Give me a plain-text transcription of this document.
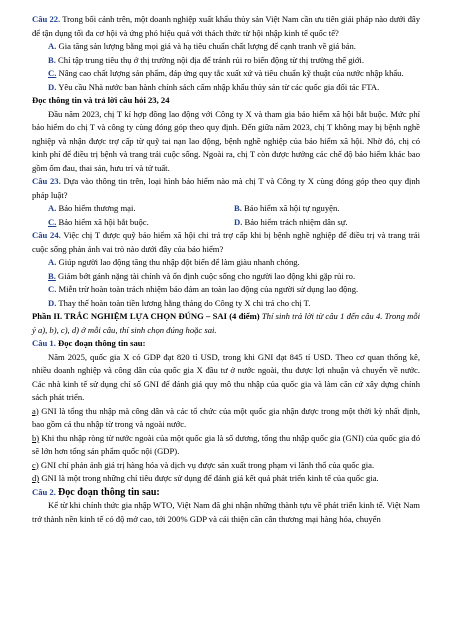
Câu 22. Trong bối cảnh trên, một doanh nghiệp xuất khẩu thủy sản Việt Nam cần ưu tiên giải pháp nào dưới đây để tận dụng tối đa cơ hội và ứng phó hiệu quả với thách thức từ hội nhập kinh tế quốc tế?

A. Gia tăng sản lượng bằng mọi giá và hạ tiêu chuẩn chất lượng để cạnh tranh về giá bán.

B. Chỉ tập trung tiêu thụ ở thị trường nội địa để tránh rủi ro biến động từ thị trường thế giới.

C. Nâng cao chất lượng sản phẩm, đáp ứng quy tắc xuất xứ và tiêu chuẩn kỹ thuật của nước nhập khẩu.

D. Yêu cầu Nhà nước ban hành chính sách cấm nhập khẩu thủy sản từ các quốc gia đối tác FTA.

Đọc thông tin và trả lời câu hỏi 23, 24

Đầu năm 2023, chị T kí hợp đồng lao động với Công ty X và tham gia bảo hiểm xã hội bắt buộc. Mức phí bảo hiểm do chị T và công ty cùng đóng góp theo quy định. Đến giữa năm 2023, chị T không may bị bệnh nghề nghiệp và nhận được trợ cấp từ quỹ tai nạn lao động, bệnh nghề nghiệp của bảo hiểm xã hội. Nhờ đó, chị có kinh phí để điều trị bệnh và trang trải cuộc sống. Ngoài ra, chị T còn được hưởng các chế độ bảo hiểm khác bao gồm ốm đau, thai sản, hưu trí và tử tuất.

Câu 23. Dựa vào thông tin trên, loại hình bảo hiểm nào mà chị T và Công ty X cùng đóng góp theo quy định pháp luật?

A. Bảo hiểm thương mại.	B. Bảo hiểm xã hội tự nguyện.
C. Bảo hiểm xã hội bắt buộc.	D. Bảo hiểm trách nhiệm dân sự.

Câu 24. Việc chị T được quỹ bảo hiểm xã hội chi trả trợ cấp khi bị bệnh nghề nghiệp để điều trị và trang trải cuộc sống phản ánh vai trò nào dưới đây của bảo hiểm?

A. Giúp người lao động tăng thu nhập đột biến để làm giàu nhanh chóng.

B. Giảm bớt gánh nặng tài chính và ổn định cuộc sống cho người lao động khi gặp rủi ro.

C. Miễn trừ hoàn toàn trách nhiệm bảo đảm an toàn lao động của người sử dụng lao động.

D. Thay thế hoàn toàn tiền lương hằng tháng do Công ty X chi trả cho chị T.

Phần II. TRẮC NGHIỆM LỰA CHỌN ĐÚNG – SAI (4 điểm) Thí sinh trả lời từ câu 1 đến câu 4. Trong mỗi ý a), b), c), d) ở mỗi câu, thí sinh chọn đúng hoặc sai.

Câu 1. Đọc đoạn thông tin sau:

Năm 2025, quốc gia X có GDP đạt 820 tỉ USD, trong khi GNI đạt 845 tỉ USD. Theo cơ quan thống kê, nhiều doanh nghiệp và công dân của quốc gia X đầu tư ở nước ngoài, thu được lợi nhuận và chuyển về nước. Các nhà kinh tế sử dụng chỉ số GNI để đánh giá quy mô thu nhập của quốc gia và làm căn cứ xây dựng chính sách phát triển.

a) GNI là tổng thu nhập mà công dân và các tổ chức của một quốc gia nhận được trong một thời kỳ nhất định, bao gồm cả thu nhập từ trong và ngoài nước.

b) Khi thu nhập ròng từ nước ngoài của một quốc gia là số dương, tổng thu nhập quốc gia (GNI) của quốc gia đó sẽ lớn hơn tổng sản phẩm quốc nội (GDP).

c) GNI chỉ phản ánh giá trị hàng hóa và dịch vụ được sản xuất trong phạm vi lãnh thổ của quốc gia.

d) GNI là một trong những chỉ tiêu được sử dụng để đánh giá kết quả phát triển kinh tế của quốc gia.

Câu 2. Đọc đoạn thông tin sau:

Kể từ khi chính thức gia nhập WTO, Việt Nam đã ghi nhận những thành tựu về phát triển kinh tế. Việt Nam trở thành nền kinh tế có độ mở cao, tới 200% GDP và cải thiện căn cân thương mại hàng hóa, chuyển
